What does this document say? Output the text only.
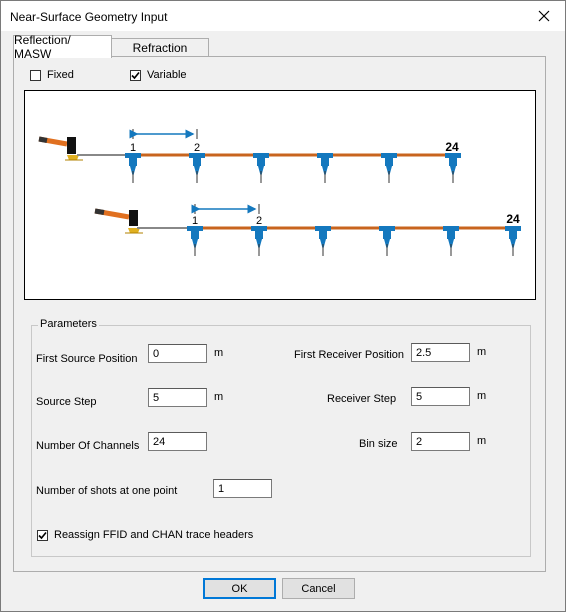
Near-Surface Geometry Input
Reflection/ MASW	Refraction
Fixed	Variable
1	2	24
1	2	24
Parameters
First Source Position
0	m
Source Step
5	m
Number Of Channels
24
First Receiver Position
2.5	m
Receiver Step
5	m
Bin size
2	m
Number of shots at one point
1
Reassign FFID and CHAN trace headers
OK	Cancel
